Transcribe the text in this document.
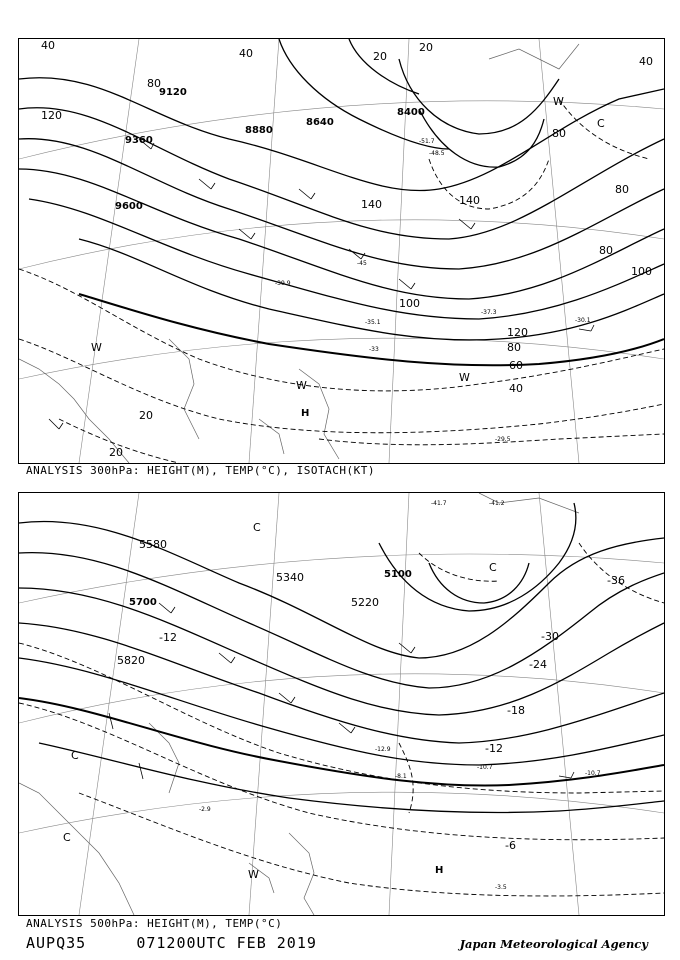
9120
9360
9600
8880
8640
8400
40
40
80
120
20	40
80
80
80
100
100
140
140
120
80
60
40
20
20
20
H
W
W
W
W
C
-51.7
-48.5
-35.1
-37.3
-29.5
-30.1
-33
-45
-39.9
ANALYSIS 300hPa: HEIGHT(M), TEMP(°C), ISOTACH(KT)
5580
5700
5820
5340
5220
5100	-36
-30
-24
-18
-12
-6
-12
H
W
C
C
C
C
-41.7	-41.2
-10.7
-8.1
-12.9
-3.5
-2.9
-10.7
ANALYSIS 500hPa: HEIGHT(M), TEMP(°C)
AUPQ35     071200UTC FEB 2019	Japan Meteorological Agency
